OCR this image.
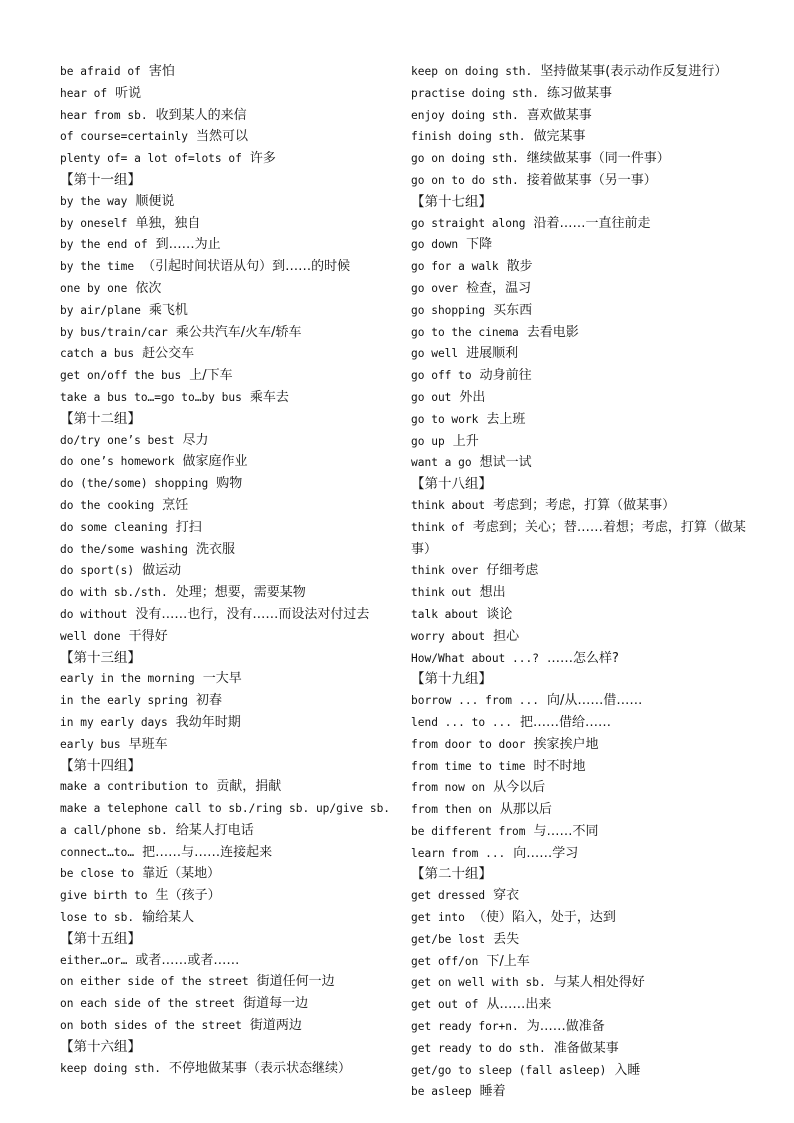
be afraid of 害怕
hear of 听说
hear from sb. 收到某人的来信
of course=certainly 当然可以
plenty of= a lot of=lots of 许多
【第十一组】
by the way 顺便说
by oneself 单独，独自
by the end of 到……为止
by the time （引起时间状语从句）到……的时候
one by one 依次
by air/plane 乘飞机
by bus/train/car 乘公共汽车/火车/轿车
catch a bus 赶公交车
get on/off the bus 上/下车
take a bus to…=go to…by bus 乘车去
【第十二组】
do/try one’s best 尽力
do one’s homework 做家庭作业
do (the/some) shopping 购物
do the cooking 烹饪
do some cleaning 打扫
do the/some washing 洗衣服
do sport(s) 做运动
do with sb./sth. 处理；想要，需要某物
do without 没有……也行，没有……而设法对付过去
well done 干得好
【第十三组】
early in the morning 一大早
in the early spring 初春
in my early days 我幼年时期
early bus 早班车
【第十四组】
make a contribution to 贡献，捐献
make a telephone call to sb./ring sb. up/give sb. a call/phone sb. 给某人打电话
connect…to… 把……与……连接起来
be close to 靠近（某地）
give birth to 生（孩子）
lose to sb. 输给某人
【第十五组】
either…or… 或者……或者……
on either side of the street 街道任何一边
on each side of the street 街道每一边
on both sides of the street 街道两边
【第十六组】
keep doing sth. 不停地做某事（表示状态继续）
keep on doing sth. 坚持做某事(表示动作反复进行）
practise doing sth. 练习做某事
enjoy doing sth. 喜欢做某事
finish doing sth. 做完某事
go on doing sth. 继续做某事（同一件事）
go on to do sth. 接着做某事（另一事）
【第十七组】
go straight along 沿着……一直往前走
go down 下降
go for a walk 散步
go over 检查，温习
go shopping 买东西
go to the cinema 去看电影
go well 进展顺利
go off to 动身前往
go out 外出
go to work 去上班
go up 上升
want a go 想试一试
【第十八组】
think about 考虑到；考虑，打算（做某事）
think of 考虑到；关心；替……着想；考虑，打算（做某事）
think over 仔细考虑
think out 想出
talk about 谈论
worry about 担心
How/What about ...? ……怎么样?
【第十九组】
borrow ... from ... 向/从……借……
lend ... to ... 把……借给……
from door to door 挨家挨户地
from time to time 时不时地
from now on 从今以后
from then on 从那以后
be different from 与……不同
learn from ... 向……学习
【第二十组】
get dressed 穿衣
get into （使）陷入，处于，达到
get/be lost 丢失
get off/on 下/上车
get on well with sb. 与某人相处得好
get out of 从……出来
get ready for+n. 为……做准备
get ready to do sth. 准备做某事
get/go to sleep (fall asleep) 入睡
be asleep 睡着
